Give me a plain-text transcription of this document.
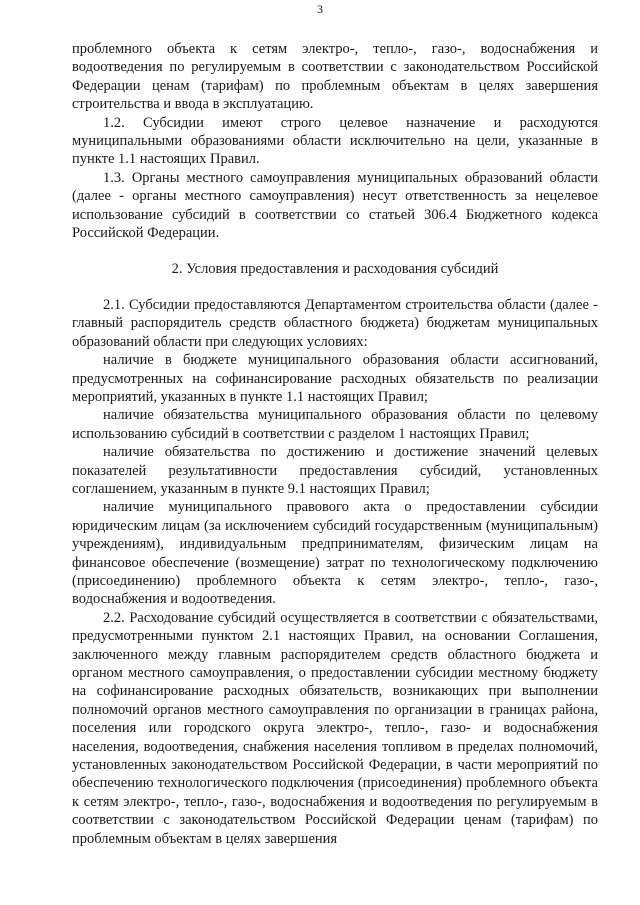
3

проблемного объекта к сетям электро-, тепло-, газо-, водоснабжения и водоотведения по регулируемым в соответствии с законодательством Российской Федерации ценам (тарифам) по проблемным объектам в целях завершения строительства и ввода в эксплуатацию.

1.2. Субсидии имеют строго целевое назначение и расходуются муниципальными образованиями области исключительно на цели, указанные в пункте 1.1 настоящих Правил.

1.3. Органы местного самоуправления муниципальных образований области (далее - органы местного самоуправления) несут ответственность за нецелевое использование субсидий в соответствии со статьей 306.4 Бюджетного кодекса Российской Федерации.

2. Условия предоставления и расходования субсидий

2.1. Субсидии предоставляются Департаментом строительства области (далее - главный распорядитель средств областного бюджета) бюджетам муниципальных образований области при следующих условиях:

наличие в бюджете муниципального образования области ассигнований, предусмотренных на софинансирование расходных обязательств по реализации мероприятий, указанных в пункте 1.1 настоящих Правил;

наличие обязательства муниципального образования области по целевому использованию субсидий в соответствии с разделом 1 настоящих Правил;

наличие обязательства по достижению и достижение значений целевых показателей результативности предоставления субсидий, установленных соглашением, указанным в пункте 9.1 настоящих Правил;

наличие муниципального правового акта о предоставлении субсидии юридическим лицам (за исключением субсидий государственным (муниципальным) учреждениям), индивидуальным предпринимателям, физическим лицам на финансовое обеспечение (возмещение) затрат по технологическому подключению (присоединению) проблемного объекта к сетям электро-, тепло-, газо-, водоснабжения и водоотведения.

2.2. Расходование субсидий осуществляется в соответствии с обязательствами, предусмотренными пунктом 2.1 настоящих Правил, на основании Соглашения, заключенного между главным распорядителем средств областного бюджета и органом местного самоуправления, о предоставлении субсидии местному бюджету на софинансирование расходных обязательств, возникающих при выполнении полномочий органов местного самоуправления по организации в границах района, поселения или городского округа электро-, тепло-, газо- и водоснабжения населения, водоотведения, снабжения населения топливом в пределах полномочий, установленных законодательством Российской Федерации, в части мероприятий по обеспечению технологического подключения (присоединения) проблемного объекта к сетям электро-, тепло-, газо-, водоснабжения и водоотведения по регулируемым в соответствии с законодательством Российской Федерации ценам (тарифам) по проблемным объектам в целях завершения
